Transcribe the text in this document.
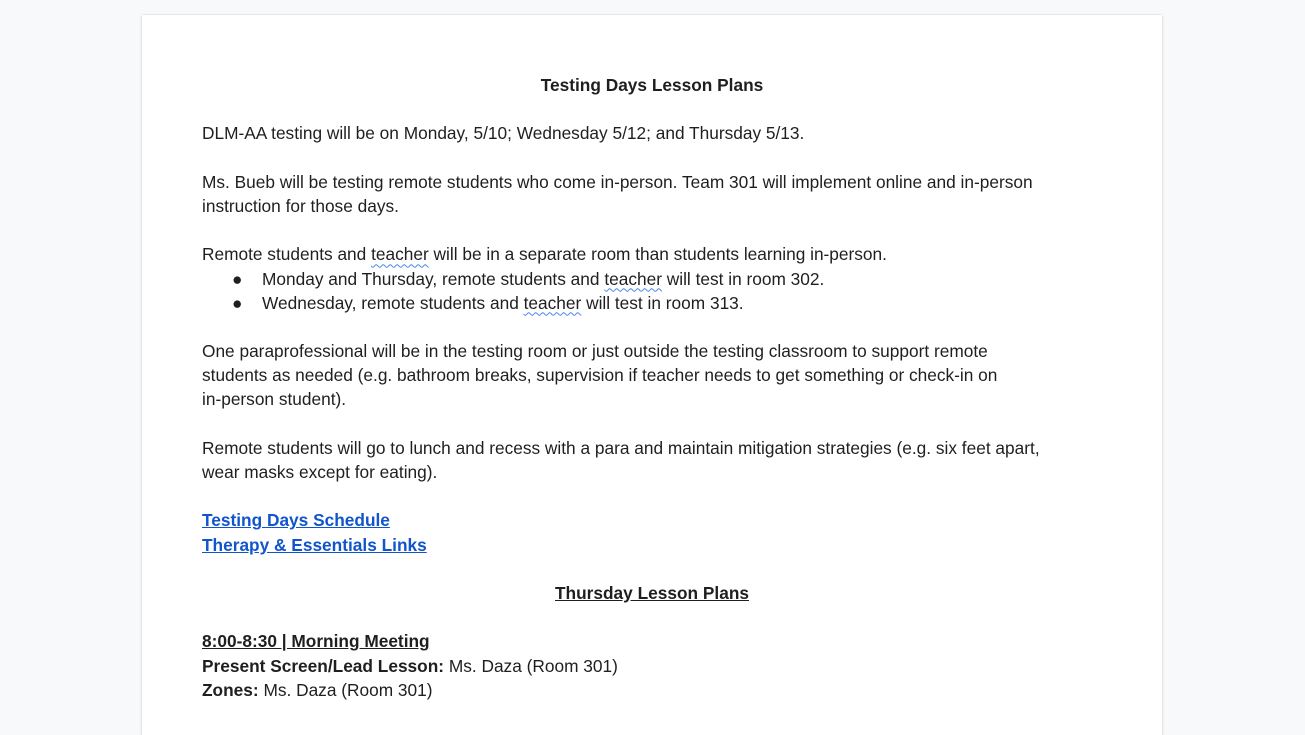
Testing Days Lesson Plans
DLM-AA testing will be on Monday, 5/10; Wednesday 5/12; and Thursday 5/13.
Ms. Bueb will be testing remote students who come in-person. Team 301 will implement online and in-person
instruction for those days.
Remote students and teacher will be in a separate room than students learning in-person.
● Monday and Thursday, remote students and teacher will test in room 302.
● Wednesday, remote students and teacher will test in room 313.
One paraprofessional will be in the testing room or just outside the testing classroom to support remote
students as needed (e.g. bathroom breaks, supervision if teacher needs to get something or check-in on
in-person student).
Remote students will go to lunch and recess with a para and maintain mitigation strategies (e.g. six feet apart,
wear masks except for eating).
Testing Days Schedule
Therapy & Essentials Links
Thursday Lesson Plans
8:00-8:30 | Morning Meeting
Present Screen/Lead Lesson: Ms. Daza (Room 301)
Zones: Ms. Daza (Room 301)
